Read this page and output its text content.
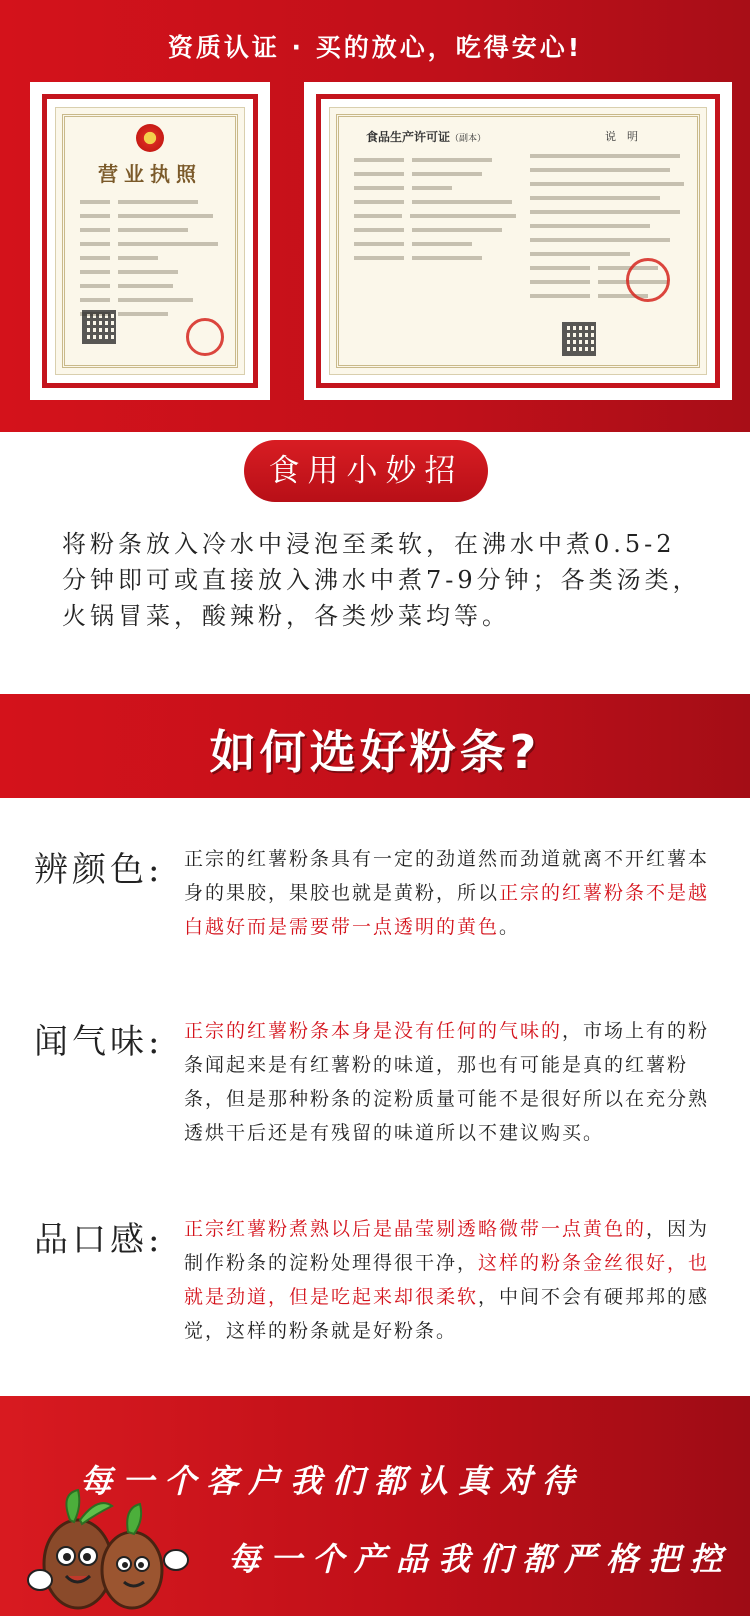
资质认证 · 买的放心，吃得安心!
营业执照
食品生产许可证（副本）	说　明
食用小妙招

将粉条放入冷水中浸泡至柔软，在沸水中煮0.5-2分钟即可或直接放入沸水中煮7-9分钟；各类汤类，火锅冒菜，酸辣粉，各类炒菜均等。

如何选好粉条?
辨颜色: 正宗的红薯粉条具有一定的劲道然而劲道就离不开红薯本身的果胶，果胶也就是黄粉，所以正宗的红薯粉条不是越白越好而是需要带一点透明的黄色。

闻气味: 正宗的红薯粉条本身是没有任何的气味的，市场上有的粉条闻起来是有红薯粉的味道，那也有可能是真的红薯粉条，但是那种粉条的淀粉质量可能不是很好所以在充分熟透烘干后还是有残留的味道所以不建议购买。

品口感: 正宗红薯粉煮熟以后是晶莹剔透略微带一点黄色的，因为制作粉条的淀粉处理得很干净，这样的粉条金丝很好，也就是劲道，但是吃起来却很柔软，中间不会有硬邦邦的感觉，这样的粉条就是好粉条。

每一个客户我们都认真对待
每一个产品我们都严格把控
